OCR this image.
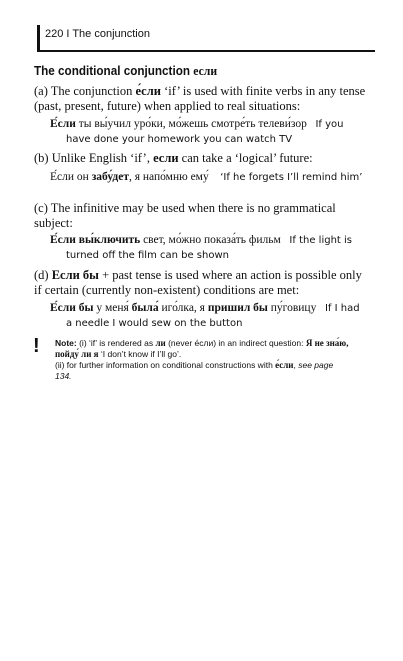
220 I The conjunction
The conditional conjunction если
(a) The conjunction е́сли ‘if’ is used with finite verbs in any tense
(past, present, future) when applied to real situations:
Е́сли ты вы́учил уро́ки, мо́жешь смотре́ть телеви́зор If you
have done your homework you can watch TV
(b) Unlike English ‘if’, если can take a ‘logical’ future:
Е́сли он забу́дет, я напо́мню ему́ ‘If he forgets I’ll remind him’
(c) The infinitive may be used when there is no grammatical
subject:
Е́сли вы́ключить свет, мо́жно показа́ть фильм If the light is
turned off the film can be shown
(d) Если бы + past tense is used where an action is possible only
if certain (currently non-existent) conditions are met:
Е́сли бы у меня́ была́ иго́лка, я пришил бы пу́говицу If I had
a needle I would sew on the button
! Note: (i) ‘if’ is rendered as ли (never е́сли) in an indirect question: Я не зна́ю,
пойду́ ли я ‘I don’t know if I’ll go’.
(ii) for further information on conditional constructions with е́сли, see page
134.
